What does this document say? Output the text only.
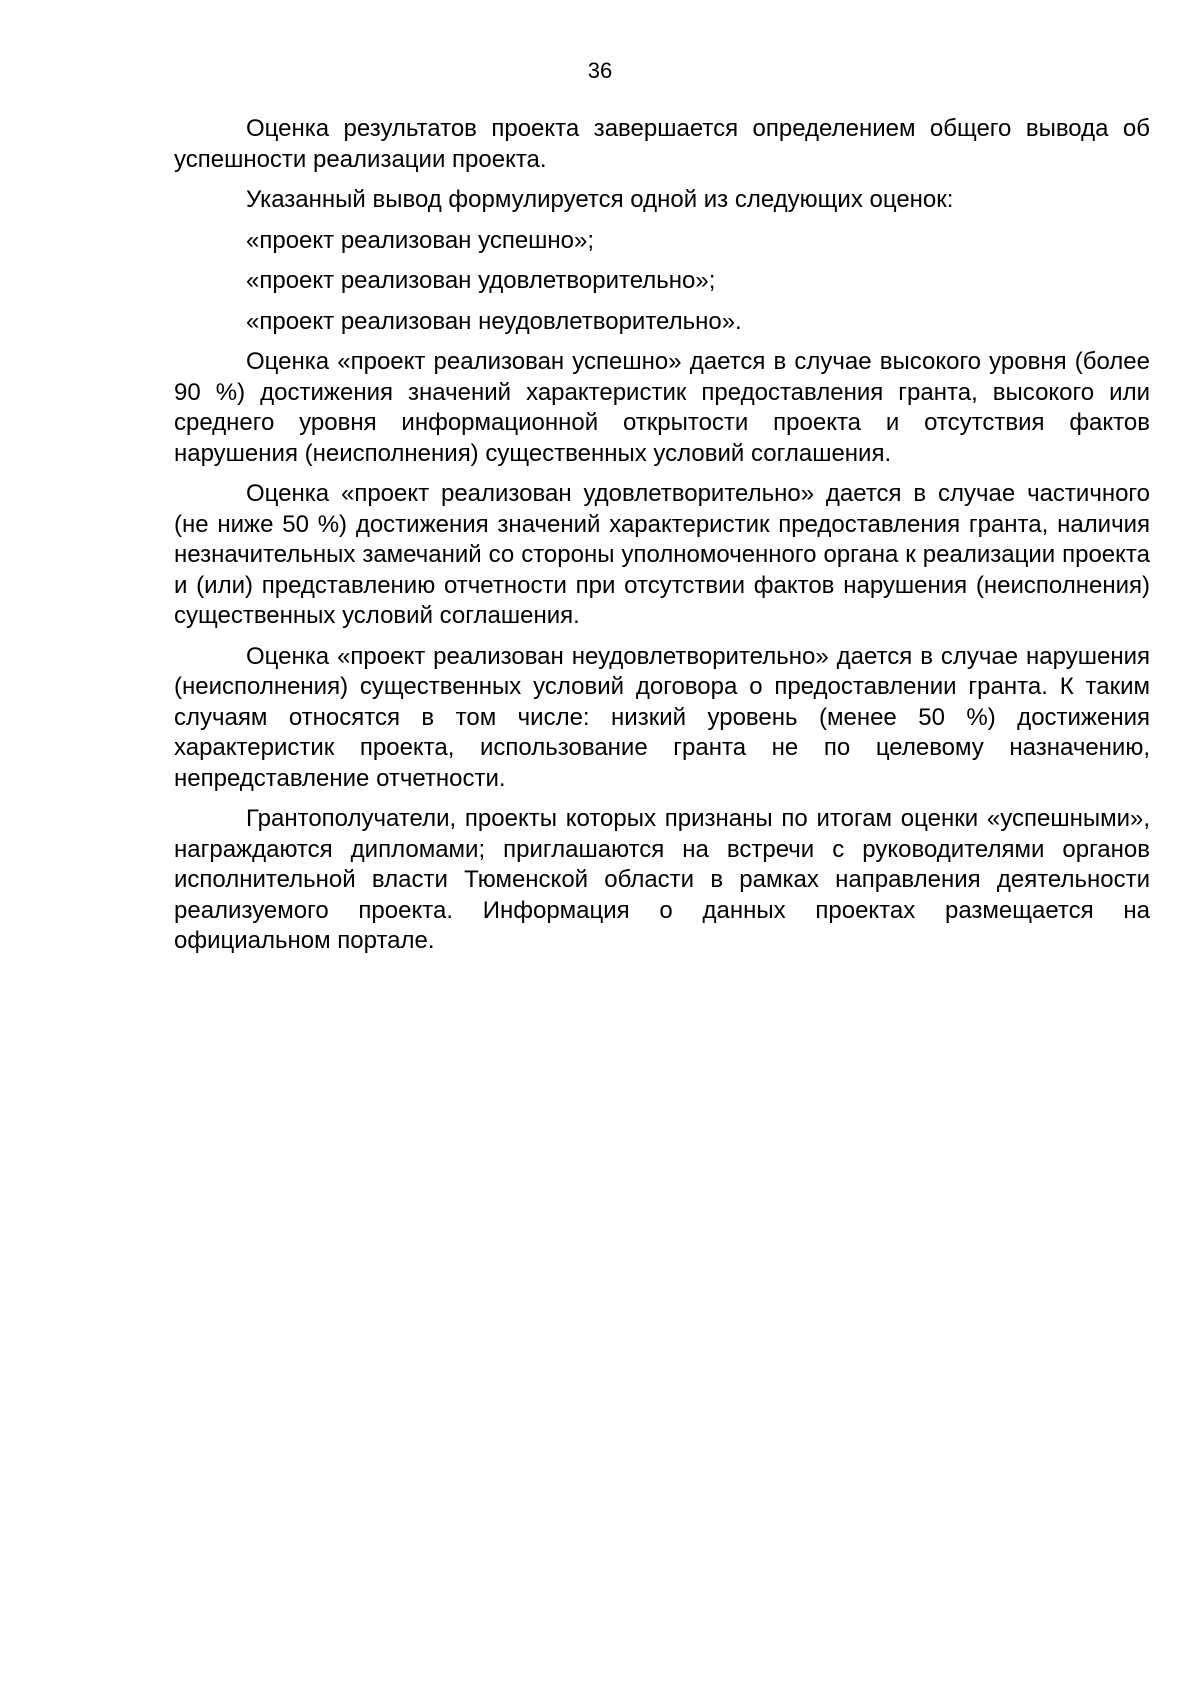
36

Оценка результатов проекта завершается определением общего вывода об успешности реализации проекта.

Указанный вывод формулируется одной из следующих оценок:

«проект реализован успешно»;

«проект реализован удовлетворительно»;

«проект реализован неудовлетворительно».

Оценка «проект реализован успешно» дается в случае высокого уровня (более 90 %) достижения значений характеристик предоставления гранта, высокого или среднего уровня информационной открытости проекта и отсутствия фактов нарушения (неисполнения) существенных условий соглашения.

Оценка «проект реализован удовлетворительно» дается в случае частичного (не ниже 50 %) достижения значений характеристик предоставления гранта, наличия незначительных замечаний со стороны уполномоченного органа к реализации проекта и (или) представлению отчетности при отсутствии фактов нарушения (неисполнения) существенных условий соглашения.

Оценка «проект реализован неудовлетворительно» дается в случае нарушения (неисполнения) существенных условий договора о предоставлении гранта. К таким случаям относятся в том числе: низкий уровень (менее 50 %) достижения характеристик проекта, использование гранта не по целевому назначению, непредставление отчетности.

Грантополучатели, проекты которых признаны по итогам оценки «успешными», награждаются дипломами; приглашаются на встречи с руководителями органов исполнительной власти Тюменской области в рамках направления деятельности реализуемого проекта. Информация о данных проектах размещается на официальном портале.
